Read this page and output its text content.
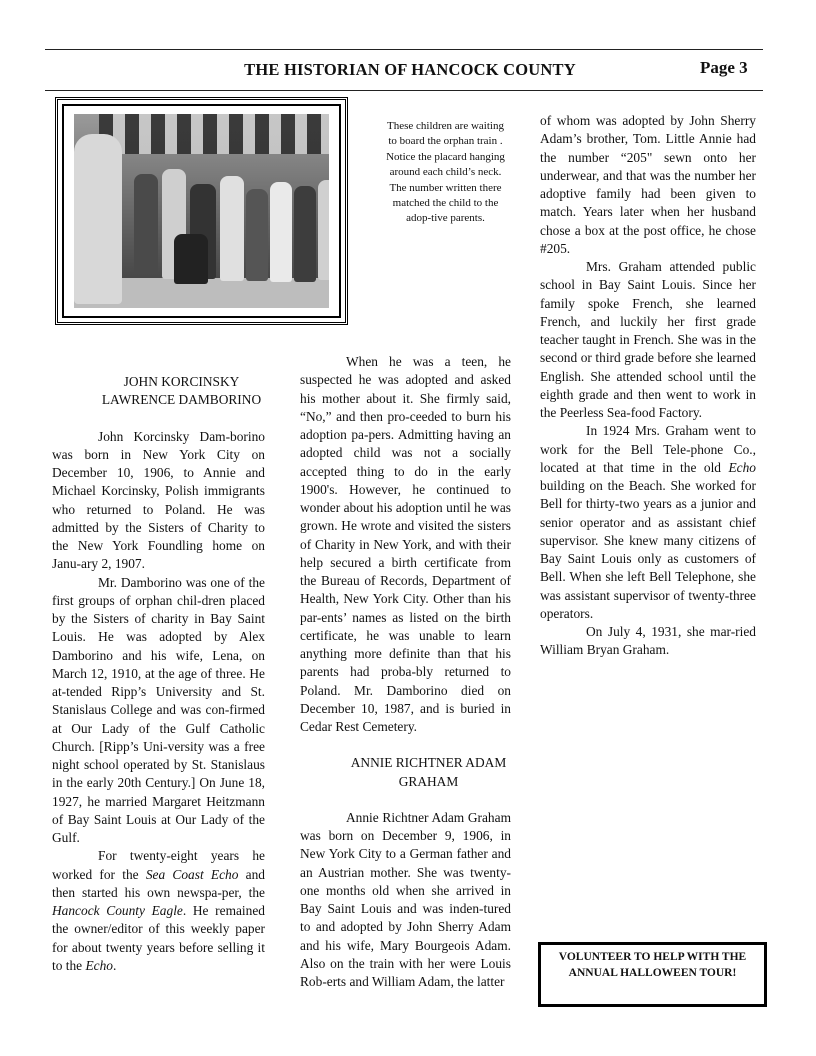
THE HISTORIAN OF HANCOCK COUNTY	Page 3
These children are waiting to board the orphan train . Notice the placard hanging around each child’s neck. The number written there matched the child to the adop-tive parents.

JOHN KORCINSKY

LAWRENCE DAMBORINO

John Korcinsky Dam-borino was born in New York City on December 10, 1906, to Annie and Michael Korcinsky, Polish immigrants who returned to Poland. He was admitted by the Sisters of Charity to the New York Foundling home on Janu-ary 2, 1907.

Mr. Damborino was one of the first groups of orphan chil-dren placed by the Sisters of charity in Bay Saint Louis. He was adopted by Alex Damborino and his wife, Lena, on March 12, 1910, at the age of three. He at-tended Ripp’s University and St. Stanislaus College and was con-firmed at Our Lady of the Gulf Catholic Church. [Ripp’s Uni-versity was a free night school operated by St. Stanislaus in the early 20th Century.] On June 18, 1927, he married Margaret Heitzmann of Bay Saint Louis at Our Lady of the Gulf.

For twenty-eight years he worked for the Sea Coast Echo and then started his own newspa-per, the Hancock County Eagle. He remained the owner/editor of this weekly paper for about twenty years before selling it to the Echo.

When he was a teen, he suspected he was adopted and asked his mother about it. She firmly said, “No,” and then pro-ceeded to burn his adoption pa-pers. Admitting having an adopted child was not a socially accepted thing to do in the early 1900's. However, he continued to wonder about his adoption until he was grown. He wrote and visited the sisters of Charity in New York, and with their help secured a birth certificate from the Bureau of Records, Department of Health, New York City. Other than his par-ents’ names as listed on the birth certificate, he was unable to learn anything more definite than that his parents had proba-bly returned to Poland. Mr. Damborino died on December 10, 1987, and is buried in Cedar Rest Cemetery.

ANNIE RICHTNER ADAM

GRAHAM

Annie Richtner Adam Graham was born on December 9, 1906, in New York City to a German father and an Austrian mother. She was twenty-one months old when she arrived in Bay Saint Louis and was inden-tured to and adopted by John Sherry Adam and his wife, Mary Bourgeois Adam. Also on the train with her were Louis Rob-erts and William Adam, the latter

of whom was adopted by John Sherry Adam’s brother, Tom. Little Annie had the number “205" sewn onto her underwear, and that was the number her adoptive family had been given to match. Years later when her husband chose a box at the post office, he chose #205.

Mrs. Graham attended public school in Bay Saint Louis. Since her family spoke French, she learned French, and luckily her first grade teacher taught in French. She was in the second or third grade before she learned English. She attended school until the eighth grade and then went to work in the Peerless Sea-food Factory.

In 1924 Mrs. Graham went to work for the Bell Tele-phone Co., located at that time in the old Echo building on the Beach. She worked for Bell for thirty-two years as a junior and senior operator and as assistant chief supervisor. She knew many citizens of Bay Saint Louis only as customers of Bell. When she left Bell Telephone, she was assistant supervisor of twenty-three operators.

On July 4, 1931, she mar-ried William Bryan Graham.

VOLUNTEER TO HELP WITH THE ANNUAL HALLOWEEN TOUR!
